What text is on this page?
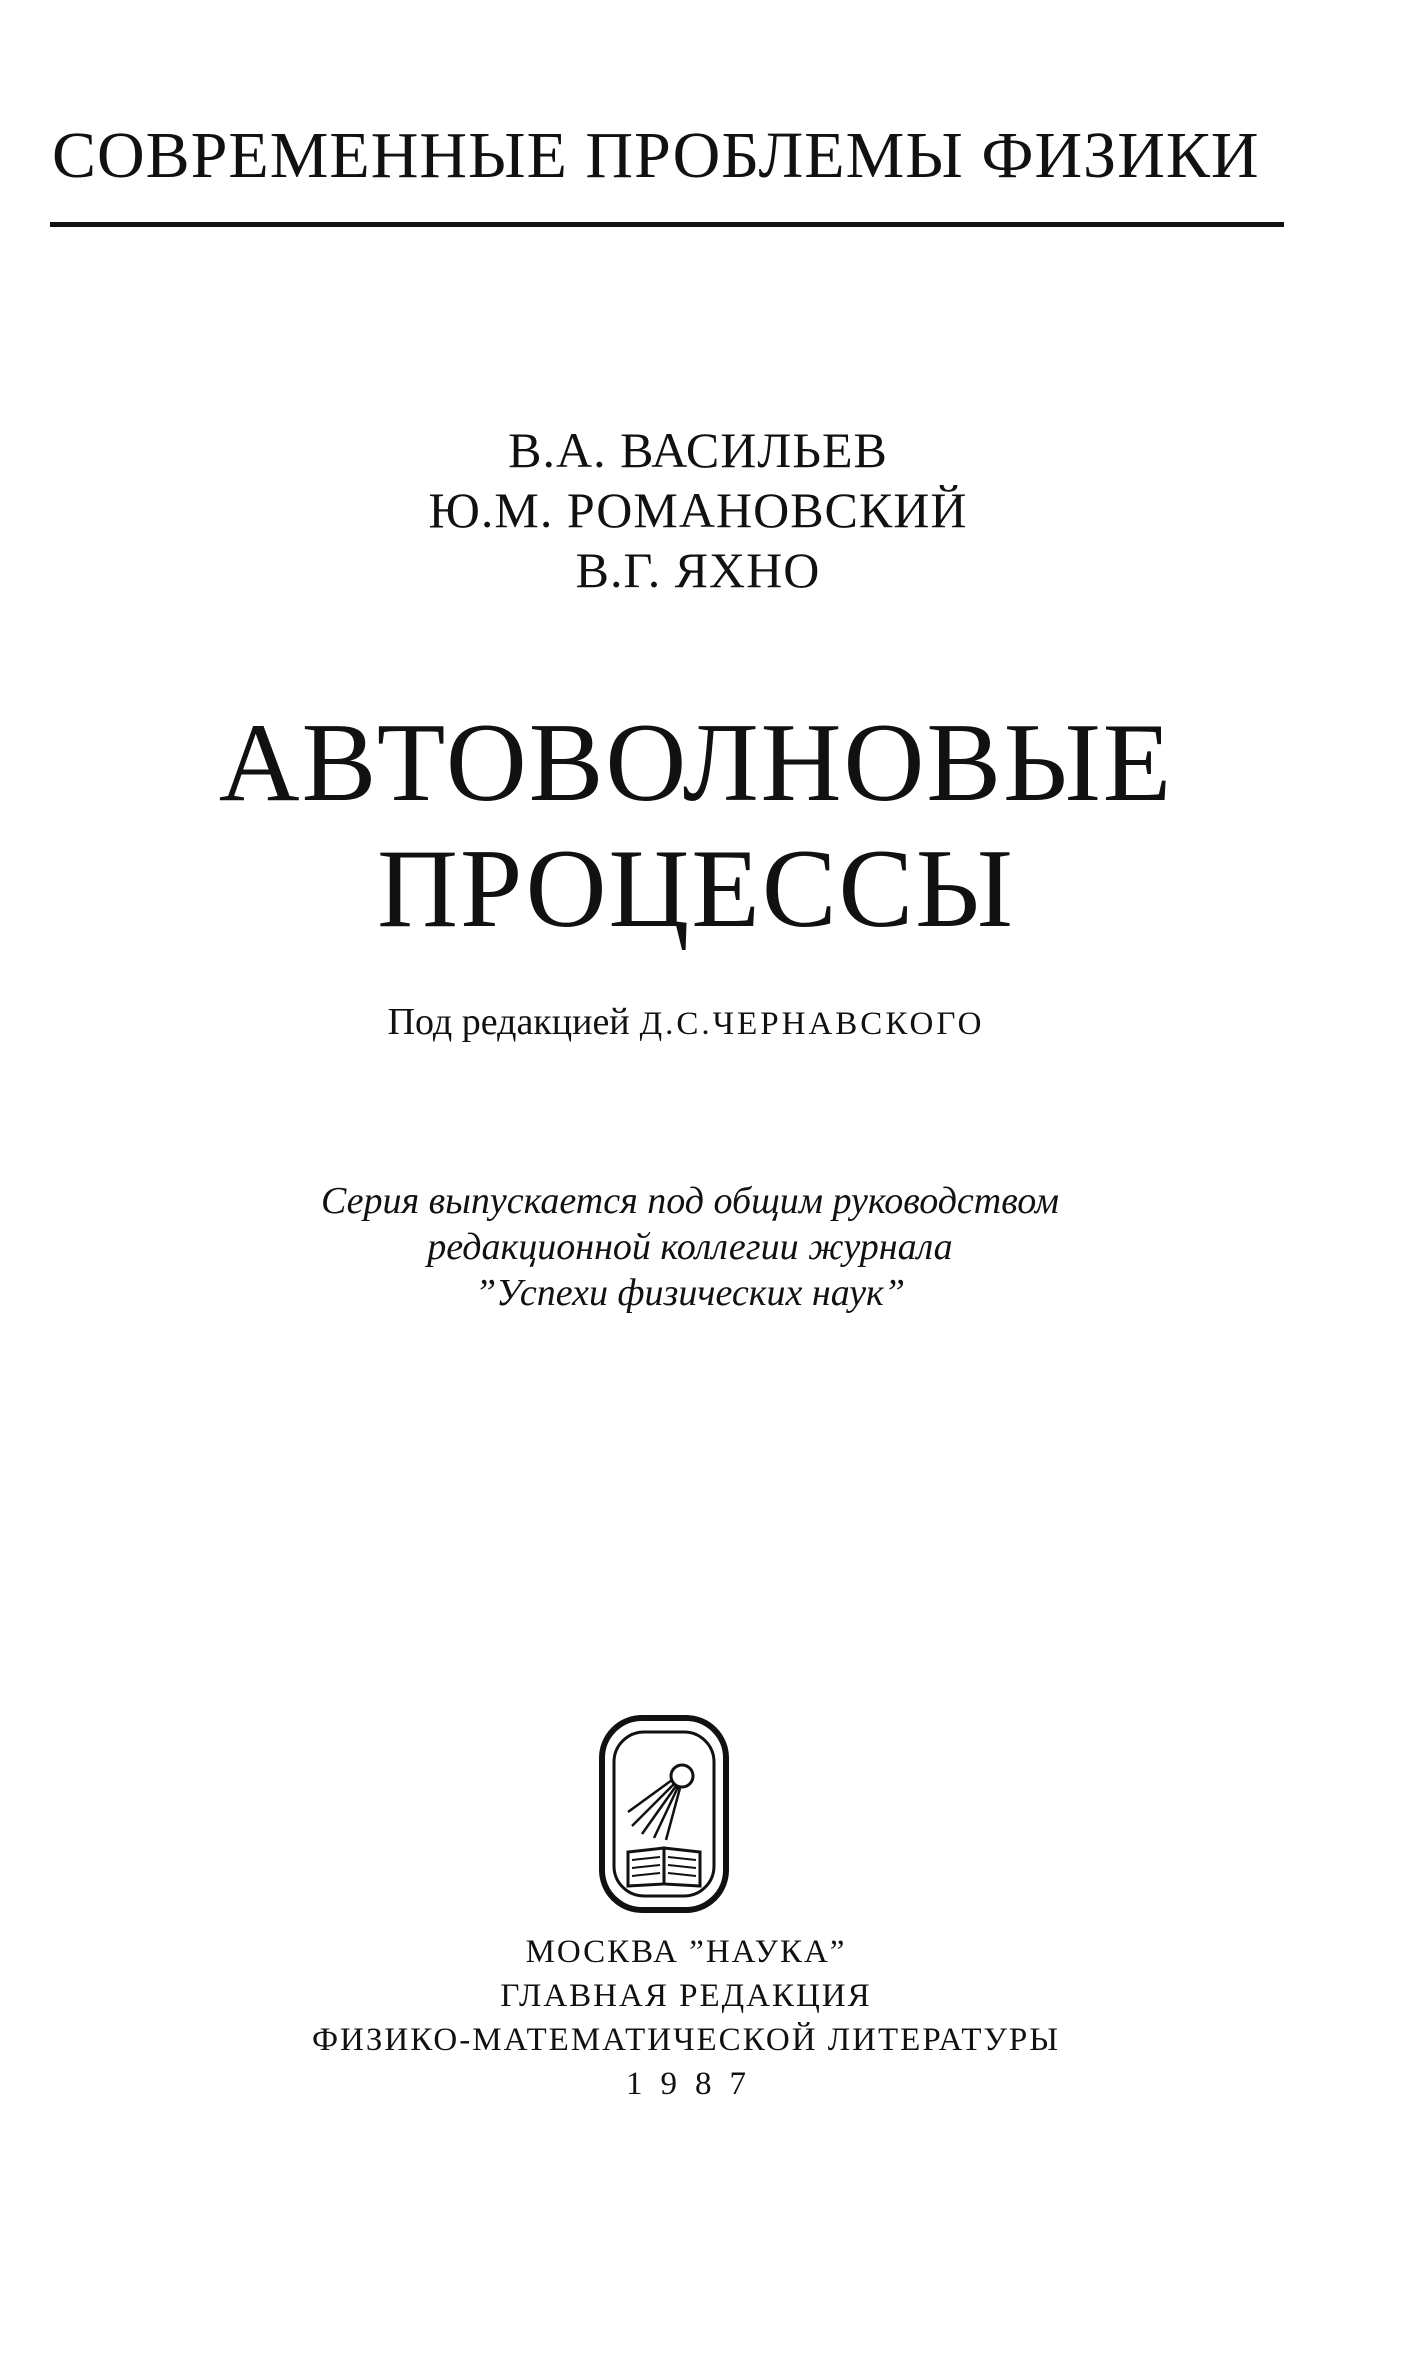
СОВРЕМЕННЫЕ ПРОБЛЕМЫ ФИЗИКИ
В.А. ВАСИЛЬЕВ
Ю.М. РОМАНОВСКИЙ
В.Г. ЯХНО
АВТОВОЛНОВЫЕ
ПРОЦЕССЫ
Под редакцией Д.С.ЧЕРНАВСКОГО
Серия выпускается под общим руководством
редакционной коллегии журнала
”Успехи физических наук”
МОСКВА ”НАУКА”
ГЛАВНАЯ РЕДАКЦИЯ
ФИЗИКО-МАТЕМАТИЧЕСКОЙ ЛИТЕРАТУРЫ
1987
